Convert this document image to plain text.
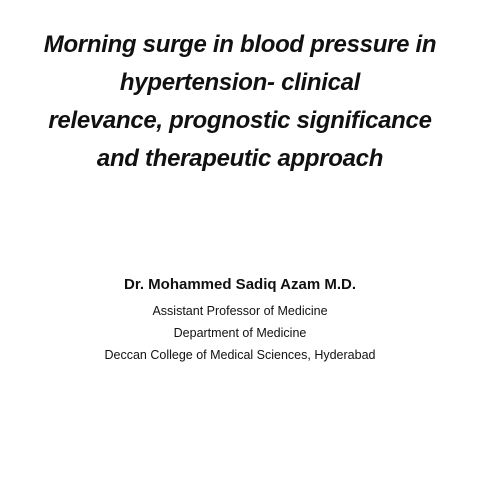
Morning surge in blood pressure in
hypertension- clinical
relevance, prognostic significance
and therapeutic approach

Dr. Mohammed Sadiq Azam M.D.

Assistant Professor of Medicine

Department of Medicine

Deccan College of Medical Sciences, Hyderabad
